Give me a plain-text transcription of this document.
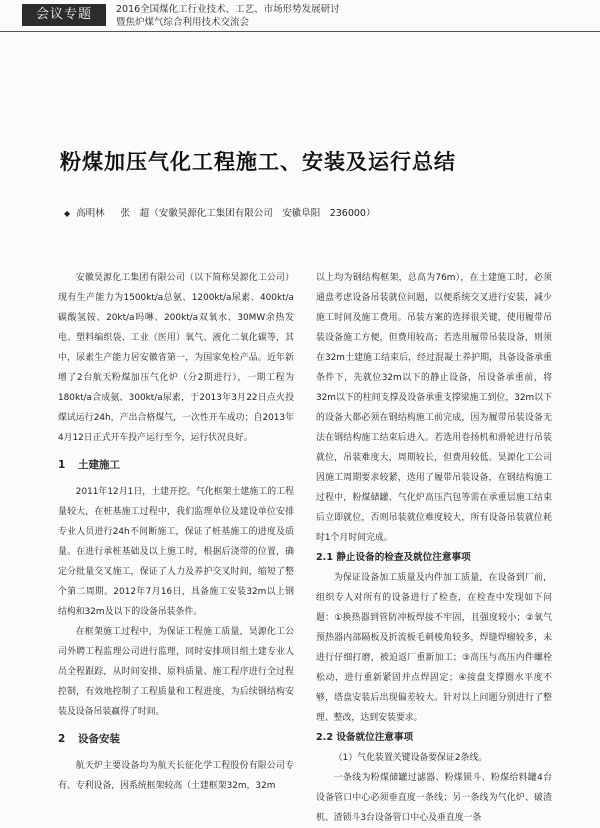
会议专题	2016全国煤化工行业技术、工艺、市场形势发展研讨
暨焦炉煤气综合利用技术交流会
粉煤加压气化工程施工、安装及运行总结
◆ 高明林 张　超（安徽昊源化工集团有限公司　安徽阜阳　236000）

安徽昊源化工集团有限公司（以下简称昊源化工公司）现有生产能力为1500kt/a总氨、1200kt/a尿素、400kt/a碳酸氢铵、20kt/a吗啉、200kt/a双氧水、30MW余热发电、塑料编织袋、工业（医用）氧气、液化二氧化碳等，其中，尿素生产能力居安徽省第一，为国家免检产品。近年新增了2台航天粉煤加压气化炉（分2期进行），一期工程为180kt/a合成氨、300kt/a尿素，于2013年3月22日点火投煤试运行24h，产出合格煤气，一次性开车成功；自2013年4月12日正式开车投产运行至今，运行状况良好。

1 土建施工

2011年12月1日，土建开挖。气化框架土建施工的工程量较大，在桩基施工过程中，我们监理单位及建设单位安排专业人员进行24h不间断施工，保证了桩基施工的进度及质量。在进行承桩基础及以上施工时，根据后浇带的位置，确定分批量交叉施工，保证了人力及养护交叉时间，缩短了整个第二周期。2012年7月16日，具备施工安装32m以上钢结构和32m及以下的设备吊装条件。

在框架施工过程中，为保证工程施工质量，昊源化工公司外聘工程监理公司进行监理，同时安排项目组土建专业人员全程跟踪，从时间安排、原料质量、施工程序进行全过程控制，有效地控制了工程质量和工程进度，为后续钢结构安装及设备吊装赢得了时间。

2 设备安装

航天炉主要设备均为航天长征化学工程股份有限公司专有、专利设备，因系统框架较高（土建框架32m，32m

以上均为钢结构框架，总高为76m），在土建施工时，必须通盘考虑设备吊装就位问题，以便系统交叉进行安装，减少施工时间及施工费用。吊装方案的选择很关键，使用履带吊装设备施工方便，但费用较高；若选用履带吊装设备，则须在32m土建施工结束后，经过混凝土养护期，具备设备承重条件下，先就位32m以下的静止设备，吊设备承重前，将32m以下的柱间支撑及设备承重支撑梁施工到位，32m以下的设备大都必须在钢结构施工前完成，因为履带吊装设备无法在钢结构施工结束后进入。若选用卷扬机和滑轮进行吊装就位，吊装难度大，周期较长，但费用较低。昊源化工公司因施工周期要求较紧，选用了履带吊装设备，在钢结构施工过程中，粉煤储罐、气化炉高压汽包等需在承重层施工结束后立即就位，否则吊装就位难度较大，所有设备吊装就位耗时1个月时间完成。

2.1 静止设备的检查及就位注意事项

为保证设备加工质量及内件加工质量，在设备到厂前，组织专人对所有的设备进行了检查，在检查中发现如下问题：①换热器到管防冲板焊接不牢固，且强度较小；②氧气预热器内部隔板及折流板毛刺棱角较多，焊缝焊瘤较多，未进行仔细打磨，被迫返厂重新加工；③高压与高压内件螺栓松动，进行重新紧固并点焊固定；④接盘支撑圈水平度不够，塔盘安装后出现偏差较大。针对以上问题分别进行了整理、整改，达到安装要求。

2.2 设备就位注意事项

（1）气化装置关键设备要保证2条线。

一条线为粉煤储罐过滤器、粉煤锁斗、粉煤给料罐4台设备管口中心必须垂直度一条线；另一条线为气化炉、破渣机、渣锁斗3台设备管口中心及垂直度一条
